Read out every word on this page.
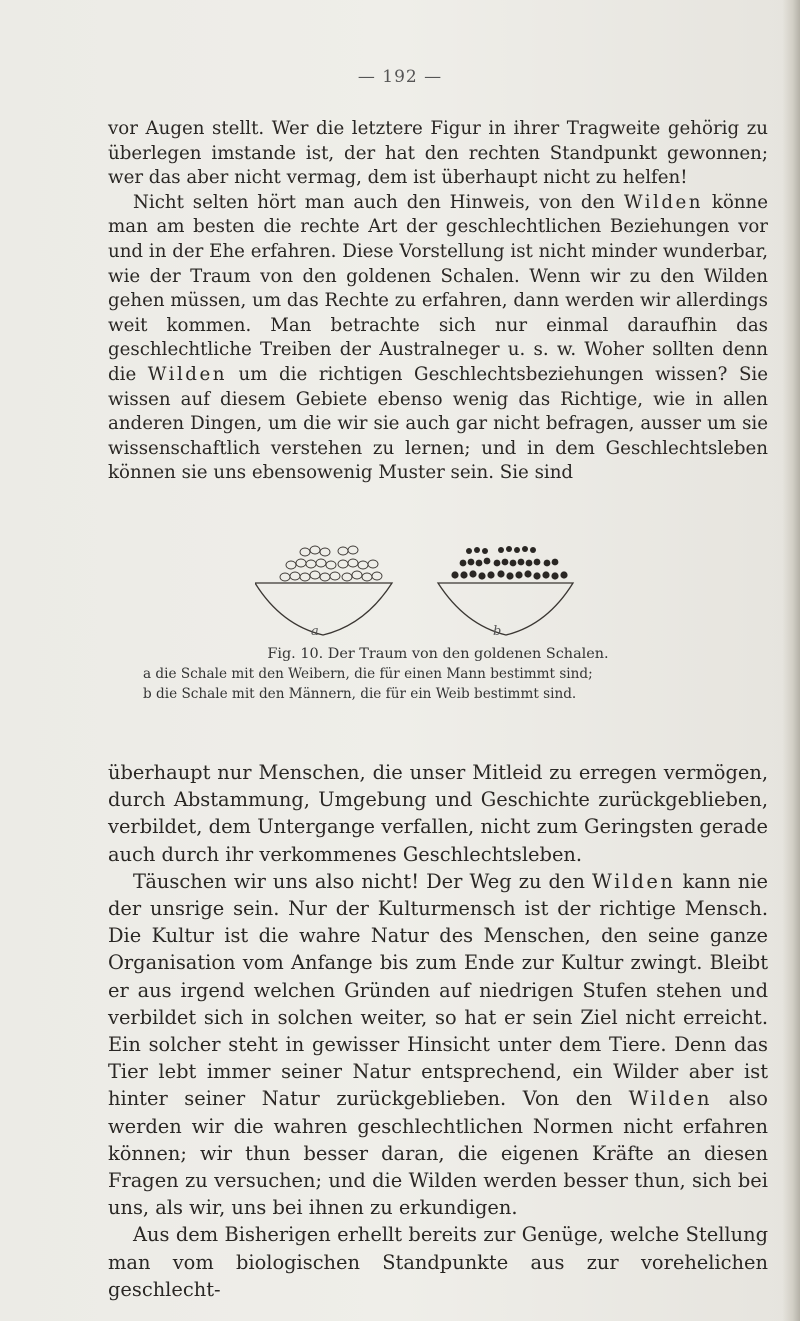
— 192 —

vor Augen stellt. Wer die letztere Figur in ihrer Tragweite gehörig zu überlegen imstande ist, der hat den rechten Standpunkt gewonnen; wer das aber nicht vermag, dem ist überhaupt nicht zu helfen!

Nicht selten hört man auch den Hinweis, von den Wilden könne man am besten die rechte Art der geschlechtlichen Beziehungen vor und in der Ehe erfahren. Diese Vorstellung ist nicht minder wunderbar, wie der Traum von den goldenen Schalen. Wenn wir zu den Wilden gehen müssen, um das Rechte zu erfahren, dann werden wir allerdings weit kommen. Man betrachte sich nur einmal daraufhin das geschlechtliche Treiben der Australneger u. s. w. Woher sollten denn die Wilden um die richtigen Geschlechtsbeziehungen wissen? Sie wissen auf diesem Gebiete ebenso wenig das Richtige, wie in allen anderen Dingen, um die wir sie auch gar nicht befragen, ausser um sie wissenschaftlich verstehen zu lernen; und in dem Geschlechtsleben können sie uns ebensowenig Muster sein. Sie sind

a	b
Fig. 10. Der Traum von den goldenen Schalen.
a die Schale mit den Weibern, die für einen Mann bestimmt sind;
b die Schale mit den Männern, die für ein Weib bestimmt sind.

überhaupt nur Menschen, die unser Mitleid zu erregen vermögen, durch Abstammung, Umgebung und Geschichte zurückgeblieben, verbildet, dem Untergange verfallen, nicht zum Geringsten gerade auch durch ihr verkommenes Geschlechtsleben.

Täuschen wir uns also nicht! Der Weg zu den Wilden kann nie der unsrige sein. Nur der Kulturmensch ist der richtige Mensch. Die Kultur ist die wahre Natur des Menschen, den seine ganze Organisation vom Anfange bis zum Ende zur Kultur zwingt. Bleibt er aus irgend welchen Gründen auf niedrigen Stufen stehen und verbildet sich in solchen weiter, so hat er sein Ziel nicht erreicht. Ein solcher steht in gewisser Hinsicht unter dem Tiere. Denn das Tier lebt immer seiner Natur entsprechend, ein Wilder aber ist hinter seiner Natur zurückgeblieben. Von den Wilden also werden wir die wahren geschlechtlichen Normen nicht erfahren können; wir thun besser daran, die eigenen Kräfte an diesen Fragen zu versuchen; und die Wilden werden besser thun, sich bei uns, als wir, uns bei ihnen zu erkundigen.

Aus dem Bisherigen erhellt bereits zur Genüge, welche Stellung man vom biologischen Standpunkte aus zur vorehelichen geschlecht-
